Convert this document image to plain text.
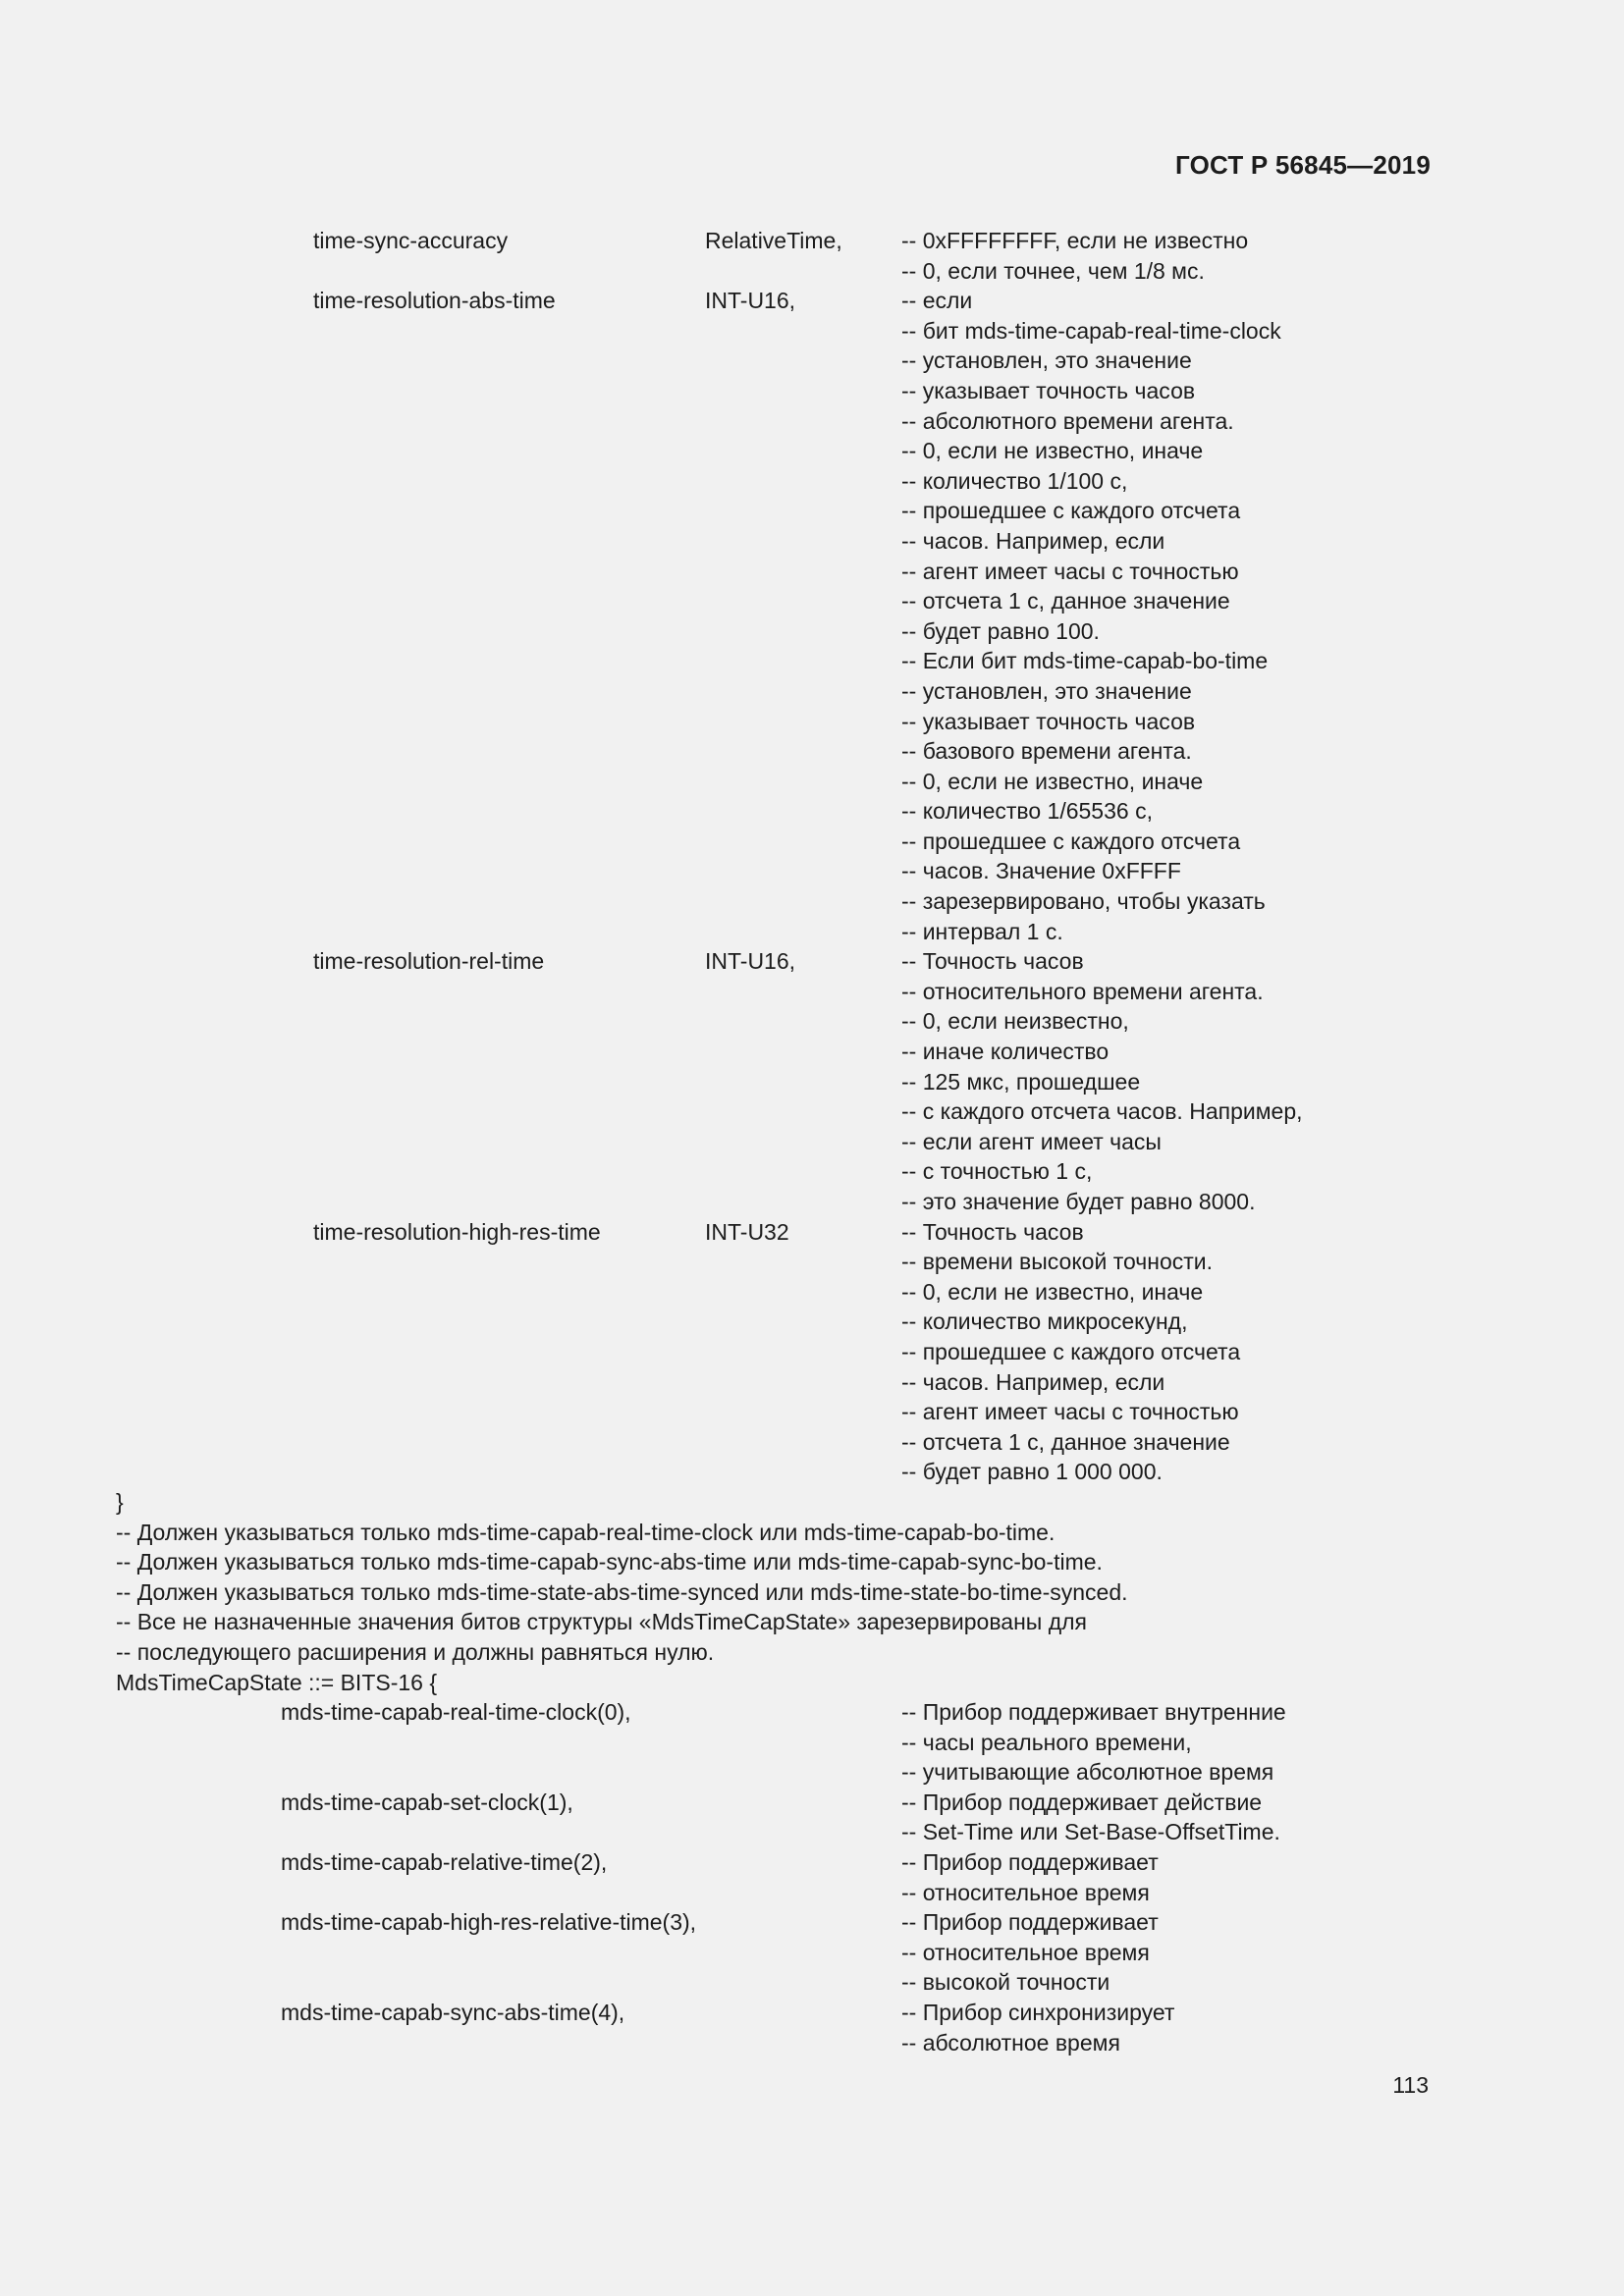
ГОСТ Р 56845—2019
time-sync-accuracy	RelativeTime,	-- 0xFFFFFFFF, если не известно
-- 0, если точнее, чем 1/8 мс.
time-resolution-abs-time	INT-U16,	-- если
-- бит mds-time-capab-real-time-clock
-- установлен, это значение
-- указывает точность часов
-- абсолютного времени агента.
-- 0, если не известно, иначе
-- количество 1/100 с,
-- прошедшее с каждого отсчета
-- часов. Например, если
-- агент имеет часы с точностью
-- отсчета 1 с, данное значение
-- будет равно 100.
-- Если бит mds-time-capab-bo-time
-- установлен, это значение
-- указывает точность часов
-- базового времени агента.
-- 0, если не известно, иначе
-- количество 1/65536 с,
-- прошедшее с каждого отсчета
-- часов. Значение 0xFFFF
-- зарезервировано, чтобы указать
-- интервал 1 с.
time-resolution-rel-time	INT-U16,	-- Точность часов
-- относительного времени агента.
-- 0, если неизвестно,
-- иначе количество
-- 125 мкс, прошедшее
-- с каждого отсчета часов. Например,
-- если агент имеет часы
-- с точностью 1 с,
-- это значение будет равно 8000.
time-resolution-high-res-time	INT-U32	-- Точность часов
-- времени высокой точности.
-- 0, если не известно, иначе
-- количество микросекунд,
-- прошедшее с каждого отсчета
-- часов. Например, если
-- агент имеет часы с точностью
-- отсчета 1 с, данное значение
-- будет равно 1 000 000.
}
-- Должен указываться только mds-time-capab-real-time-clock или mds-time-capab-bo-time.
-- Должен указываться только mds-time-capab-sync-abs-time или mds-time-capab-sync-bo-time.
-- Должен указываться только mds-time-state-abs-time-synced или mds-time-state-bo-time-synced.
-- Все не назначенные значения битов структуры «MdsTimeCapState» зарезервированы для
-- последующего расширения и должны равняться нулю.
MdsTimeCapState ::= BITS-16 {
mds-time-capab-real-time-clock(0),	-- Прибор поддерживает внутренние
-- часы реального времени,
-- учитывающие абсолютное время
mds-time-capab-set-clock(1),	-- Прибор поддерживает действие
-- Set-Time или Set-Base-OffsetTime.
mds-time-capab-relative-time(2),	-- Прибор поддерживает
-- относительное время
mds-time-capab-high-res-relative-time(3),	-- Прибор поддерживает
-- относительное время
-- высокой точности
mds-time-capab-sync-abs-time(4),	-- Прибор синхронизирует
-- абсолютное время
113
